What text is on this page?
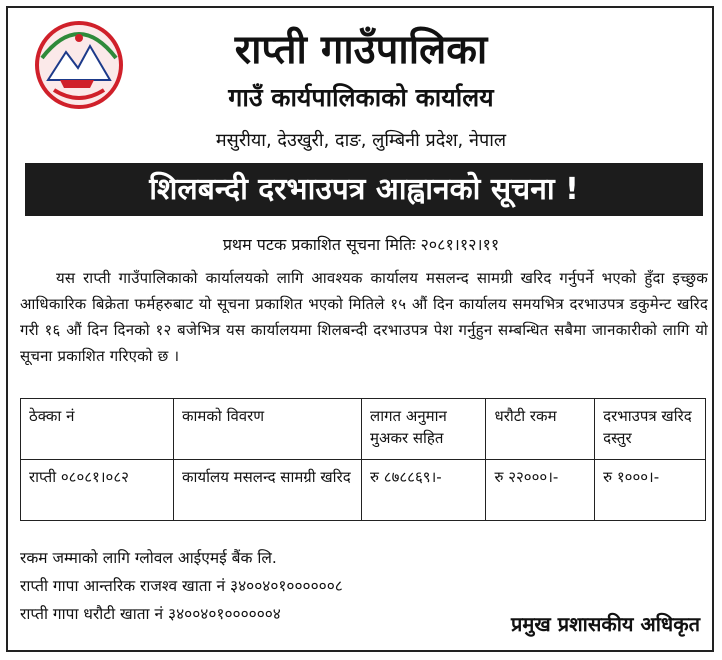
राप्ती गाउँपालिका
गाउँ कार्यपालिकाको कार्यालय
मसुरीया, देउखुरी, दाङ, लुम्बिनी प्रदेश, नेपाल
शिलबन्दी दरभाउपत्र आह्वानको सूचना !
प्रथम पटक प्रकाशित सूचना मितिः २०८१।१२।११
यस राप्ती गाउँपालिकाको कार्यालयको लागि आवश्यक कार्यालय मसलन्द सामग्री खरिद गर्नुपर्ने भएको हुँदा इच्छुक आधिकारिक बिक्रेता फर्महरुबाट यो सूचना प्रकाशित भएको मितिले १५ औं दिन कार्यालय समयभित्र दरभाउपत्र डकुमेन्ट खरिद गरी १६ औं दिन दिनको १२ बजेभित्र यस कार्यालयमा शिलबन्दी दरभाउपत्र पेश गर्नुहुन सम्बन्धित सबैमा जानकारीको लागि यो सूचना प्रकाशित गरिएको छ ।
ठेक्का नं	कामको विवरण	लागत अनुमान मुअकर सहित	धरौटी रकम	दरभाउपत्र खरिद दस्तुर
राप्ती ०८०८१।०८२	कार्यालय मसलन्द सामग्री खरिद	रु ८७८८६९।-	रु २२०००।-	रु १०००।-
रकम जम्माको लागि ग्लोवल आईएमई बैंक लि.
राप्ती गापा आन्तरिक राजश्व खाता नं ३४००४०१००००००८
राप्ती गापा धरौटी खाता नं ३४००४०१००००००४	प्रमुख प्रशासकीय अधिकृत
